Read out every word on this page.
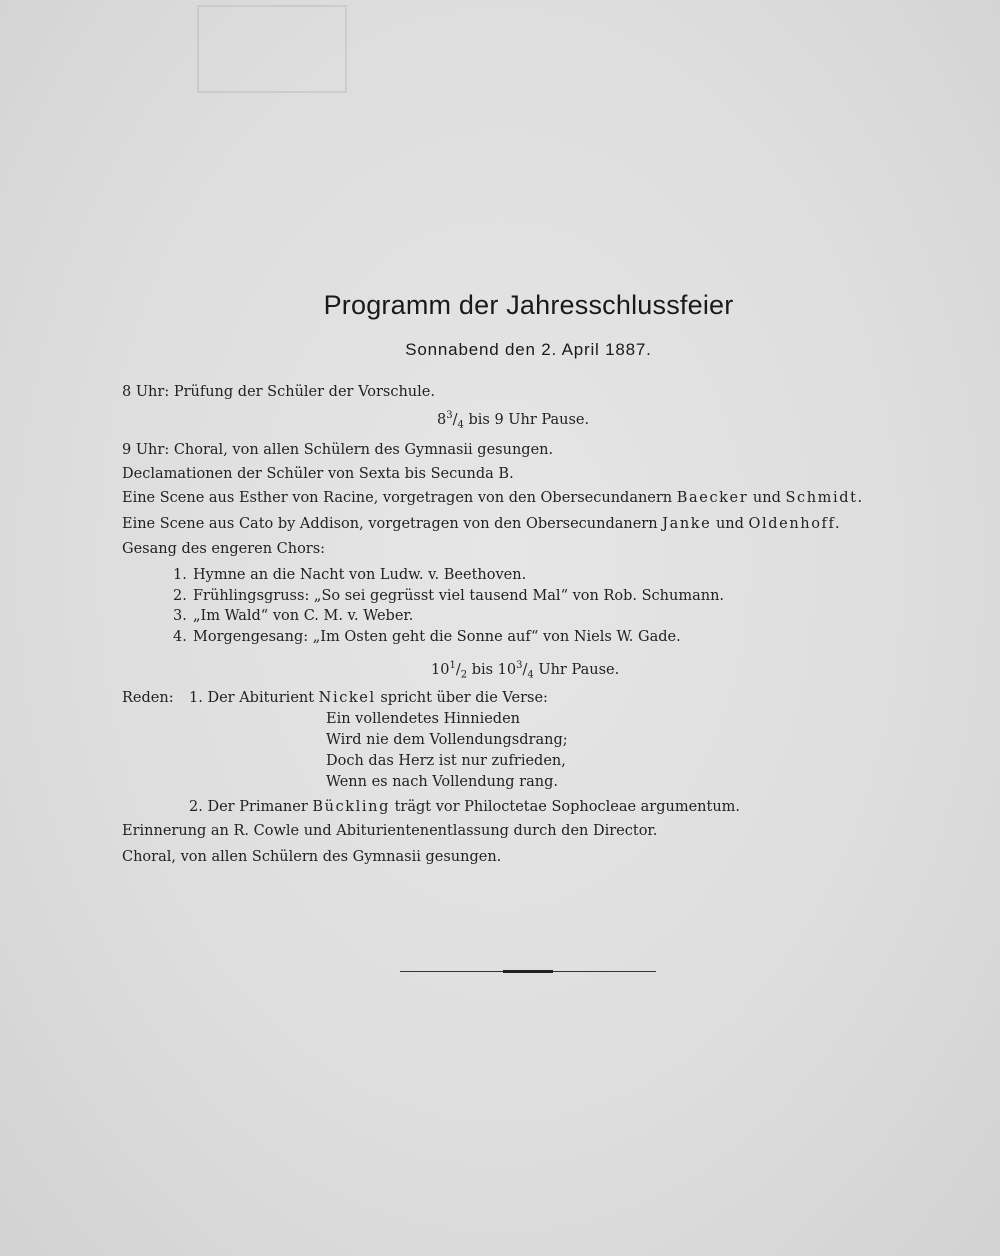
Programm der Jahresschlussfeier
Sonnabend den 2. April 1887.
8 Uhr: Prüfung der Schüler der Vorschule.
$8^3/_4$ bis 9 Uhr Pause.
9 Uhr: Choral, von allen Schülern des Gymnasii gesungen.
Declamationen der Schüler von Sexta bis Secunda B.
Eine Scene aus Esther von Racine, vorgetragen von den Obersecundanern Baecker und Schmidt.
Eine Scene aus Cato by Addison, vorgetragen von den Obersecundanern Janke und Oldenhoff.
Gesang des engeren Chors:
1. Hymne an die Nacht von Ludw. v. Beethoven.
2. Frühlingsgruss: „So sei gegrüsst viel tausend Mal“ von Rob. Schumann.
3. „Im Wald“ von C. M. v. Weber.
4. Morgengesang: „Im Osten geht die Sonne auf“ von Niels W. Gade.
$10^1/_2$ bis $10^3/_4$ Uhr Pause.
Reden: 1. Der Abiturient Nickel spricht über die Verse:
Ein vollendetes Hinnieden
Wird nie dem Vollendungsdrang;
Doch das Herz ist nur zufrieden,
Wenn es nach Vollendung rang.
2. Der Primaner Bückling trägt vor Philoctetae Sophocleae argumentum.
Erinnerung an R. Cowle und Abiturientenentlassung durch den Director.
Choral, von allen Schülern des Gymnasii gesungen.
